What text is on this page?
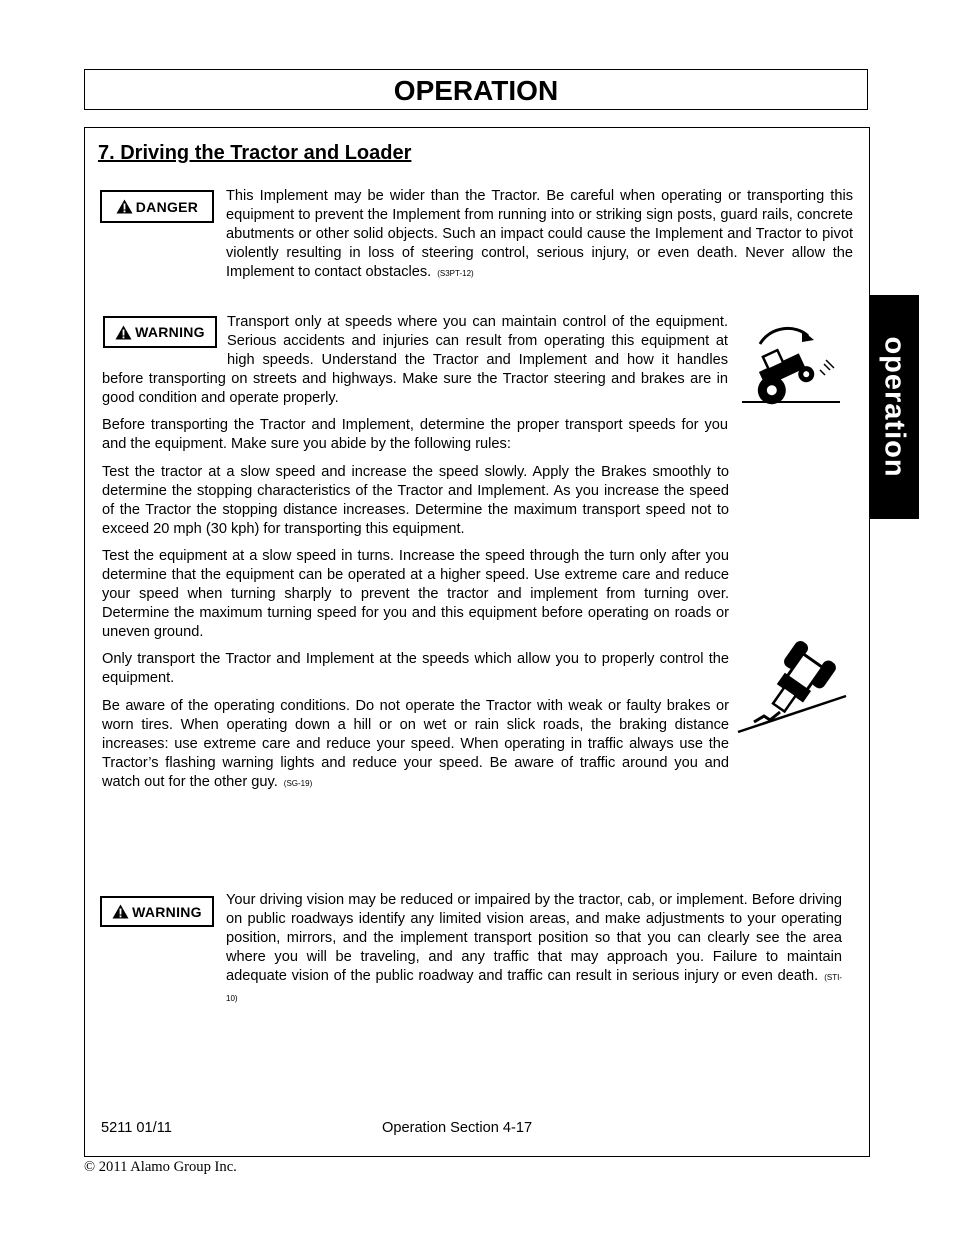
OPERATION
operation
7. Driving the Tractor and Loader
DANGER

This Implement may be wider than the Tractor. Be careful when operating or transporting this equipment to prevent the Implement from running into or striking sign posts, guard rails, concrete abutments or other solid objects. Such an impact could cause the Implement and Tractor to pivot violently resulting in loss of steering control, serious injury, or even death. Never allow the Implement to contact obstacles. (S3PT-12)

WARNING

Transport only at speeds where you can maintain control of the equipment. Serious accidents and injuries can result from operating this equipment at high speeds. Understand the Tractor and Implement and how it handles before transporting on streets and highways. Make sure the Tractor steering and brakes are in good condition and operate properly.

Before transporting the Tractor and Implement, determine the proper transport speeds for you and the equipment. Make sure you abide by the following rules:

Test the tractor at a slow speed and increase the speed slowly. Apply the Brakes smoothly to determine the stopping characteristics of the Tractor and Implement. As you increase the speed of the Tractor the stopping distance increases. Determine the maximum transport speed not to exceed 20 mph (30 kph) for transporting this equipment.

Test the equipment at a slow speed in turns. Increase the speed through the turn only after you determine that the equipment can be operated at a higher speed. Use extreme care and reduce your speed when turning sharply to prevent the tractor and implement from turning over. Determine the maximum turning speed for you and this equipment before operating on roads or uneven ground.

Only transport the Tractor and Implement at the speeds which allow you to properly control the equipment.

Be aware of the operating conditions. Do not operate the Tractor with weak or faulty brakes or worn tires. When operating down a hill or on wet or rain slick roads, the braking distance increases: use extreme care and reduce your speed. When operating in traffic always use the Tractor’s flashing warning lights and reduce your speed. Be aware of traffic around you and watch out for the other guy. (SG-19)

WARNING

Your driving vision may be reduced or impaired by the tractor, cab, or implement. Before driving on public roadways identify any limited vision areas, and make adjustments to your operating position, mirrors, and the implement transport position so that you can clearly see the area where you will be traveling, and any traffic that may approach you. Failure to maintain adequate vision of the public roadway and traffic can result in serious injury or even death. (STI-10)

5211 01/11	Operation Section 4-17
© 2011 Alamo Group Inc.
